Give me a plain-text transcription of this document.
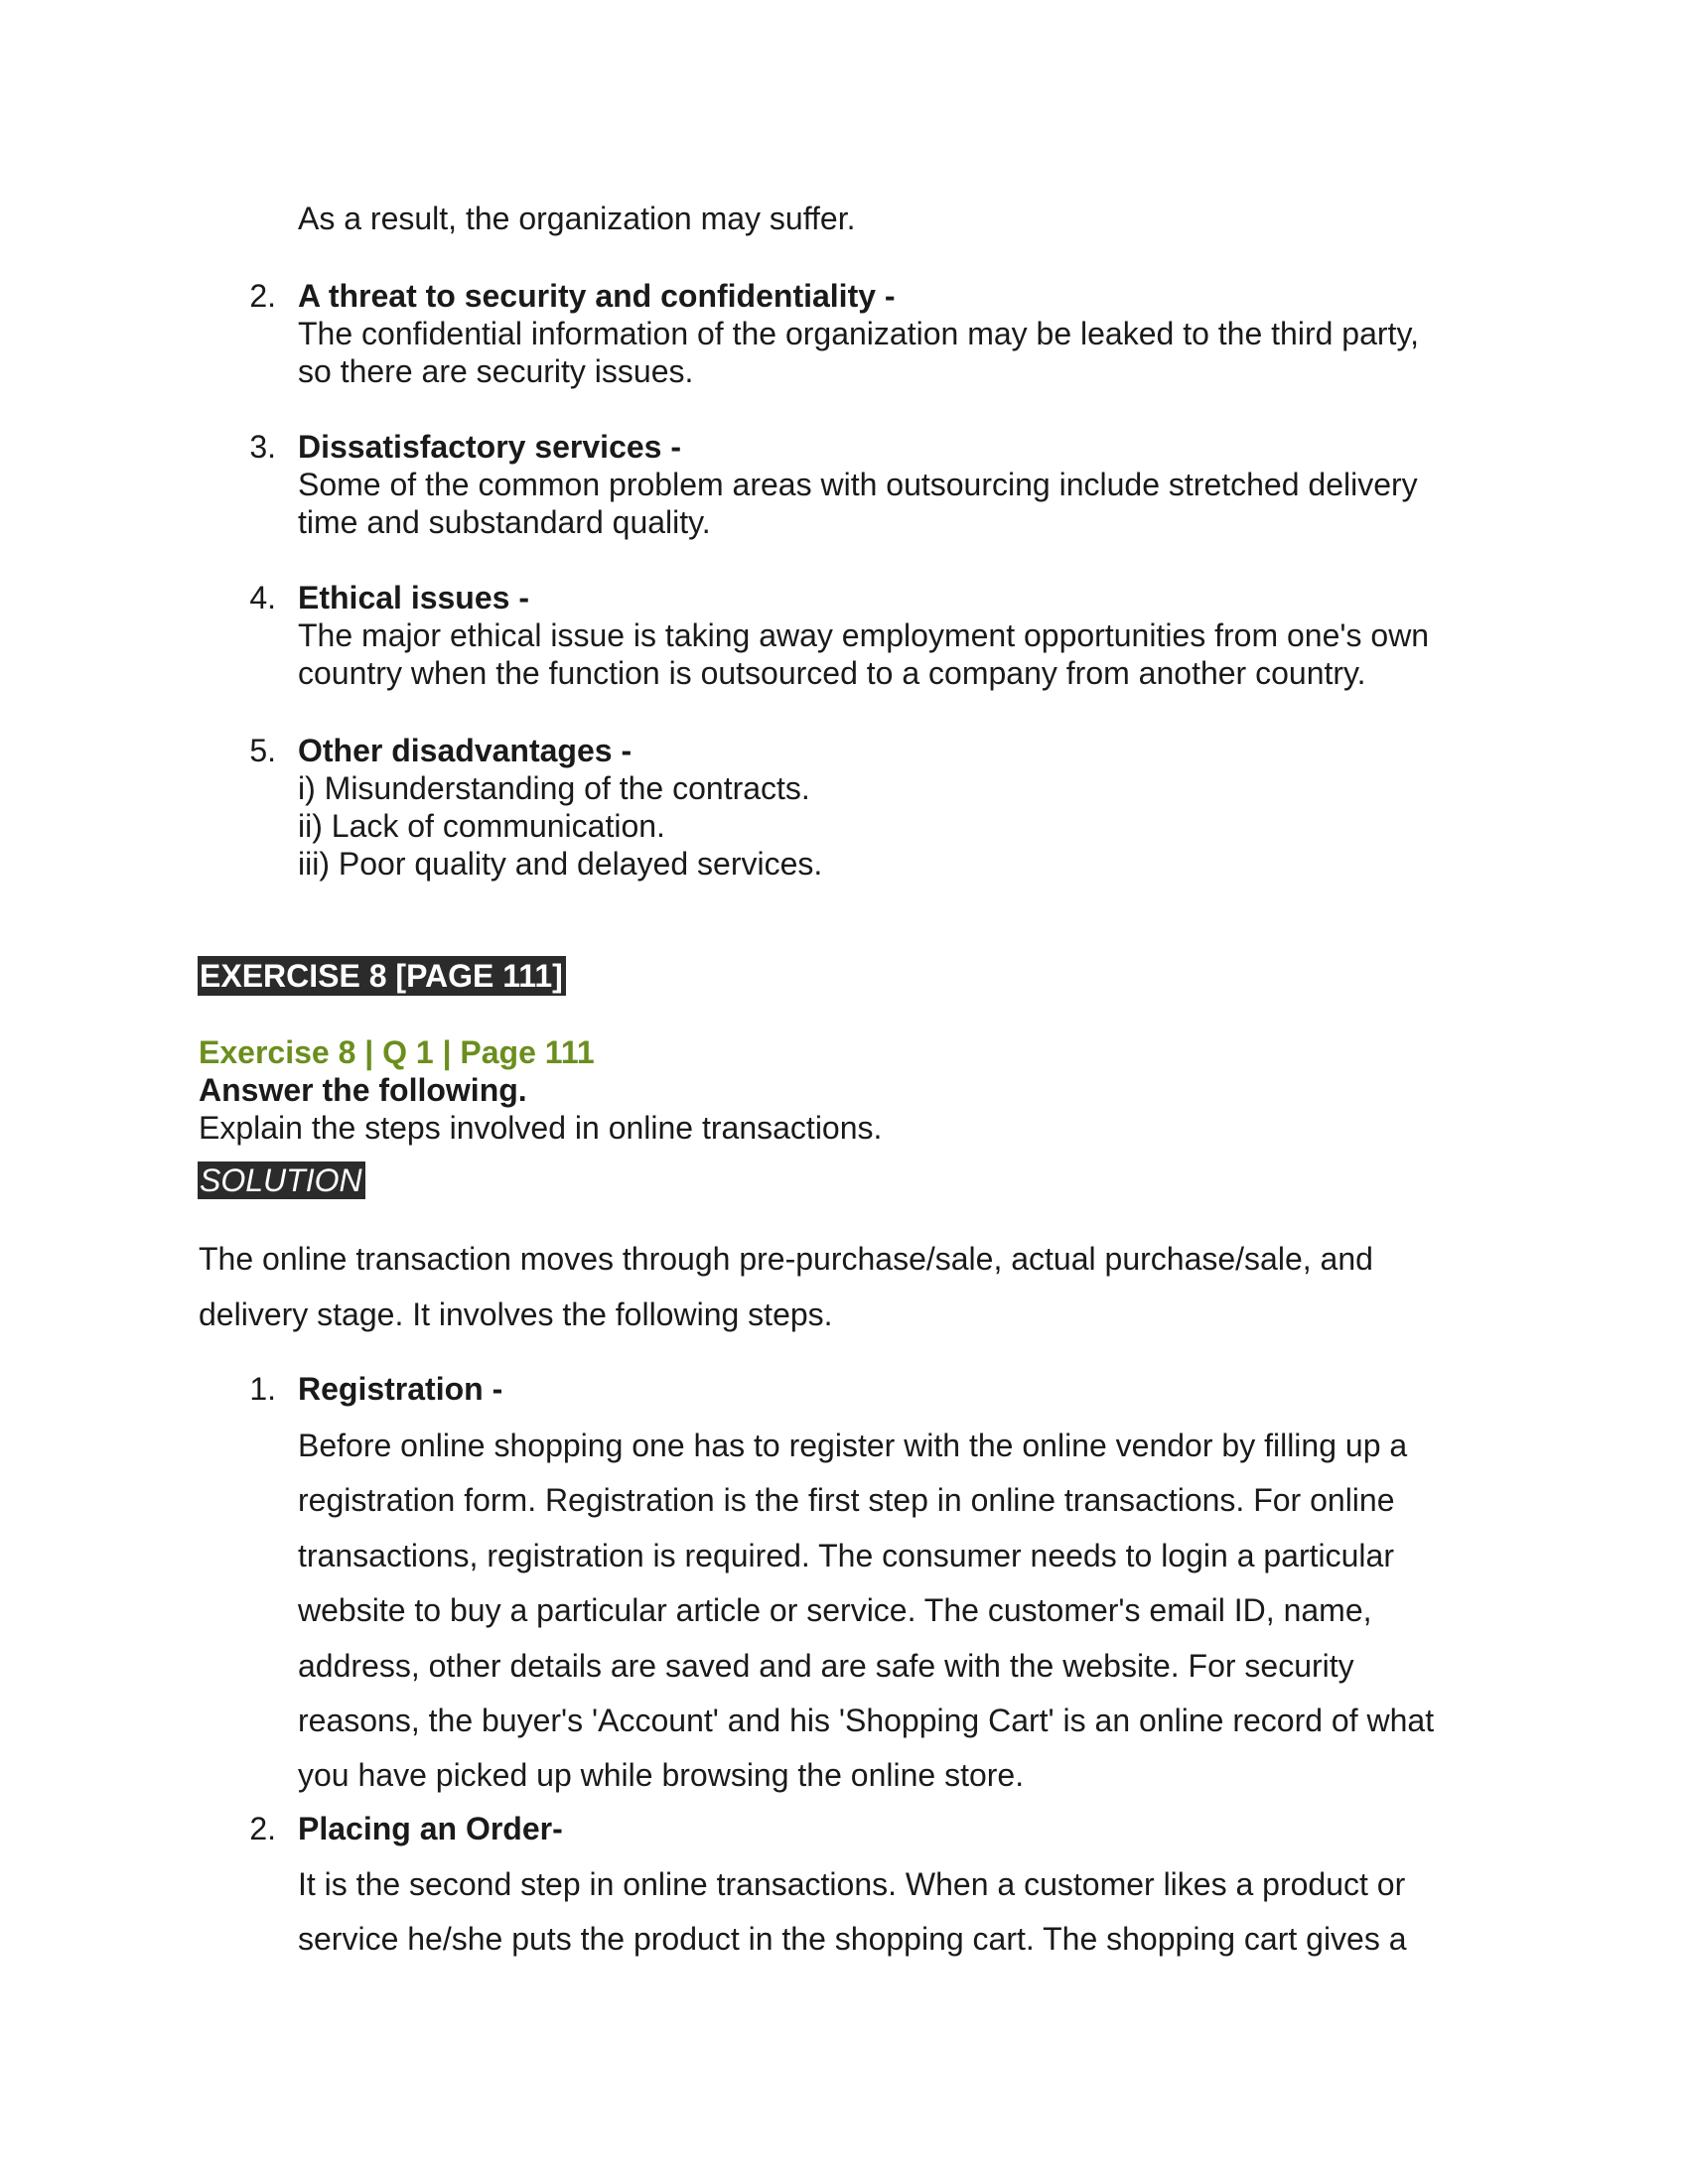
As a result, the organization may suffer.
2. A threat to security and confidentiality -
The confidential information of the organization may be leaked to the third party,
so there are security issues.
3. Dissatisfactory services -
Some of the common problem areas with outsourcing include stretched delivery
time and substandard quality.
4. Ethical issues -
The major ethical issue is taking away employment opportunities from one's own
country when the function is outsourced to a company from another country.
5. Other disadvantages -
i) Misunderstanding of the contracts.
ii) Lack of communication.
iii) Poor quality and delayed services.
EXERCISE 8 [PAGE 111]
Exercise 8 | Q 1 | Page 111
Answer the following.
Explain the steps involved in online transactions.
SOLUTION
The online transaction moves through pre-purchase/sale, actual purchase/sale, and
delivery stage. It involves the following steps.
1. Registration -
Before online shopping one has to register with the online vendor by filling up a
registration form. Registration is the first step in online transactions. For online
transactions, registration is required. The consumer needs to login a particular
website to buy a particular article or service. The customer's email ID, name,
address, other details are saved and are safe with the website. For security
reasons, the buyer's 'Account' and his 'Shopping Cart' is an online record of what
you have picked up while browsing the online store.
2. Placing an Order-
It is the second step in online transactions. When a customer likes a product or
service he/she puts the product in the shopping cart. The shopping cart gives a
